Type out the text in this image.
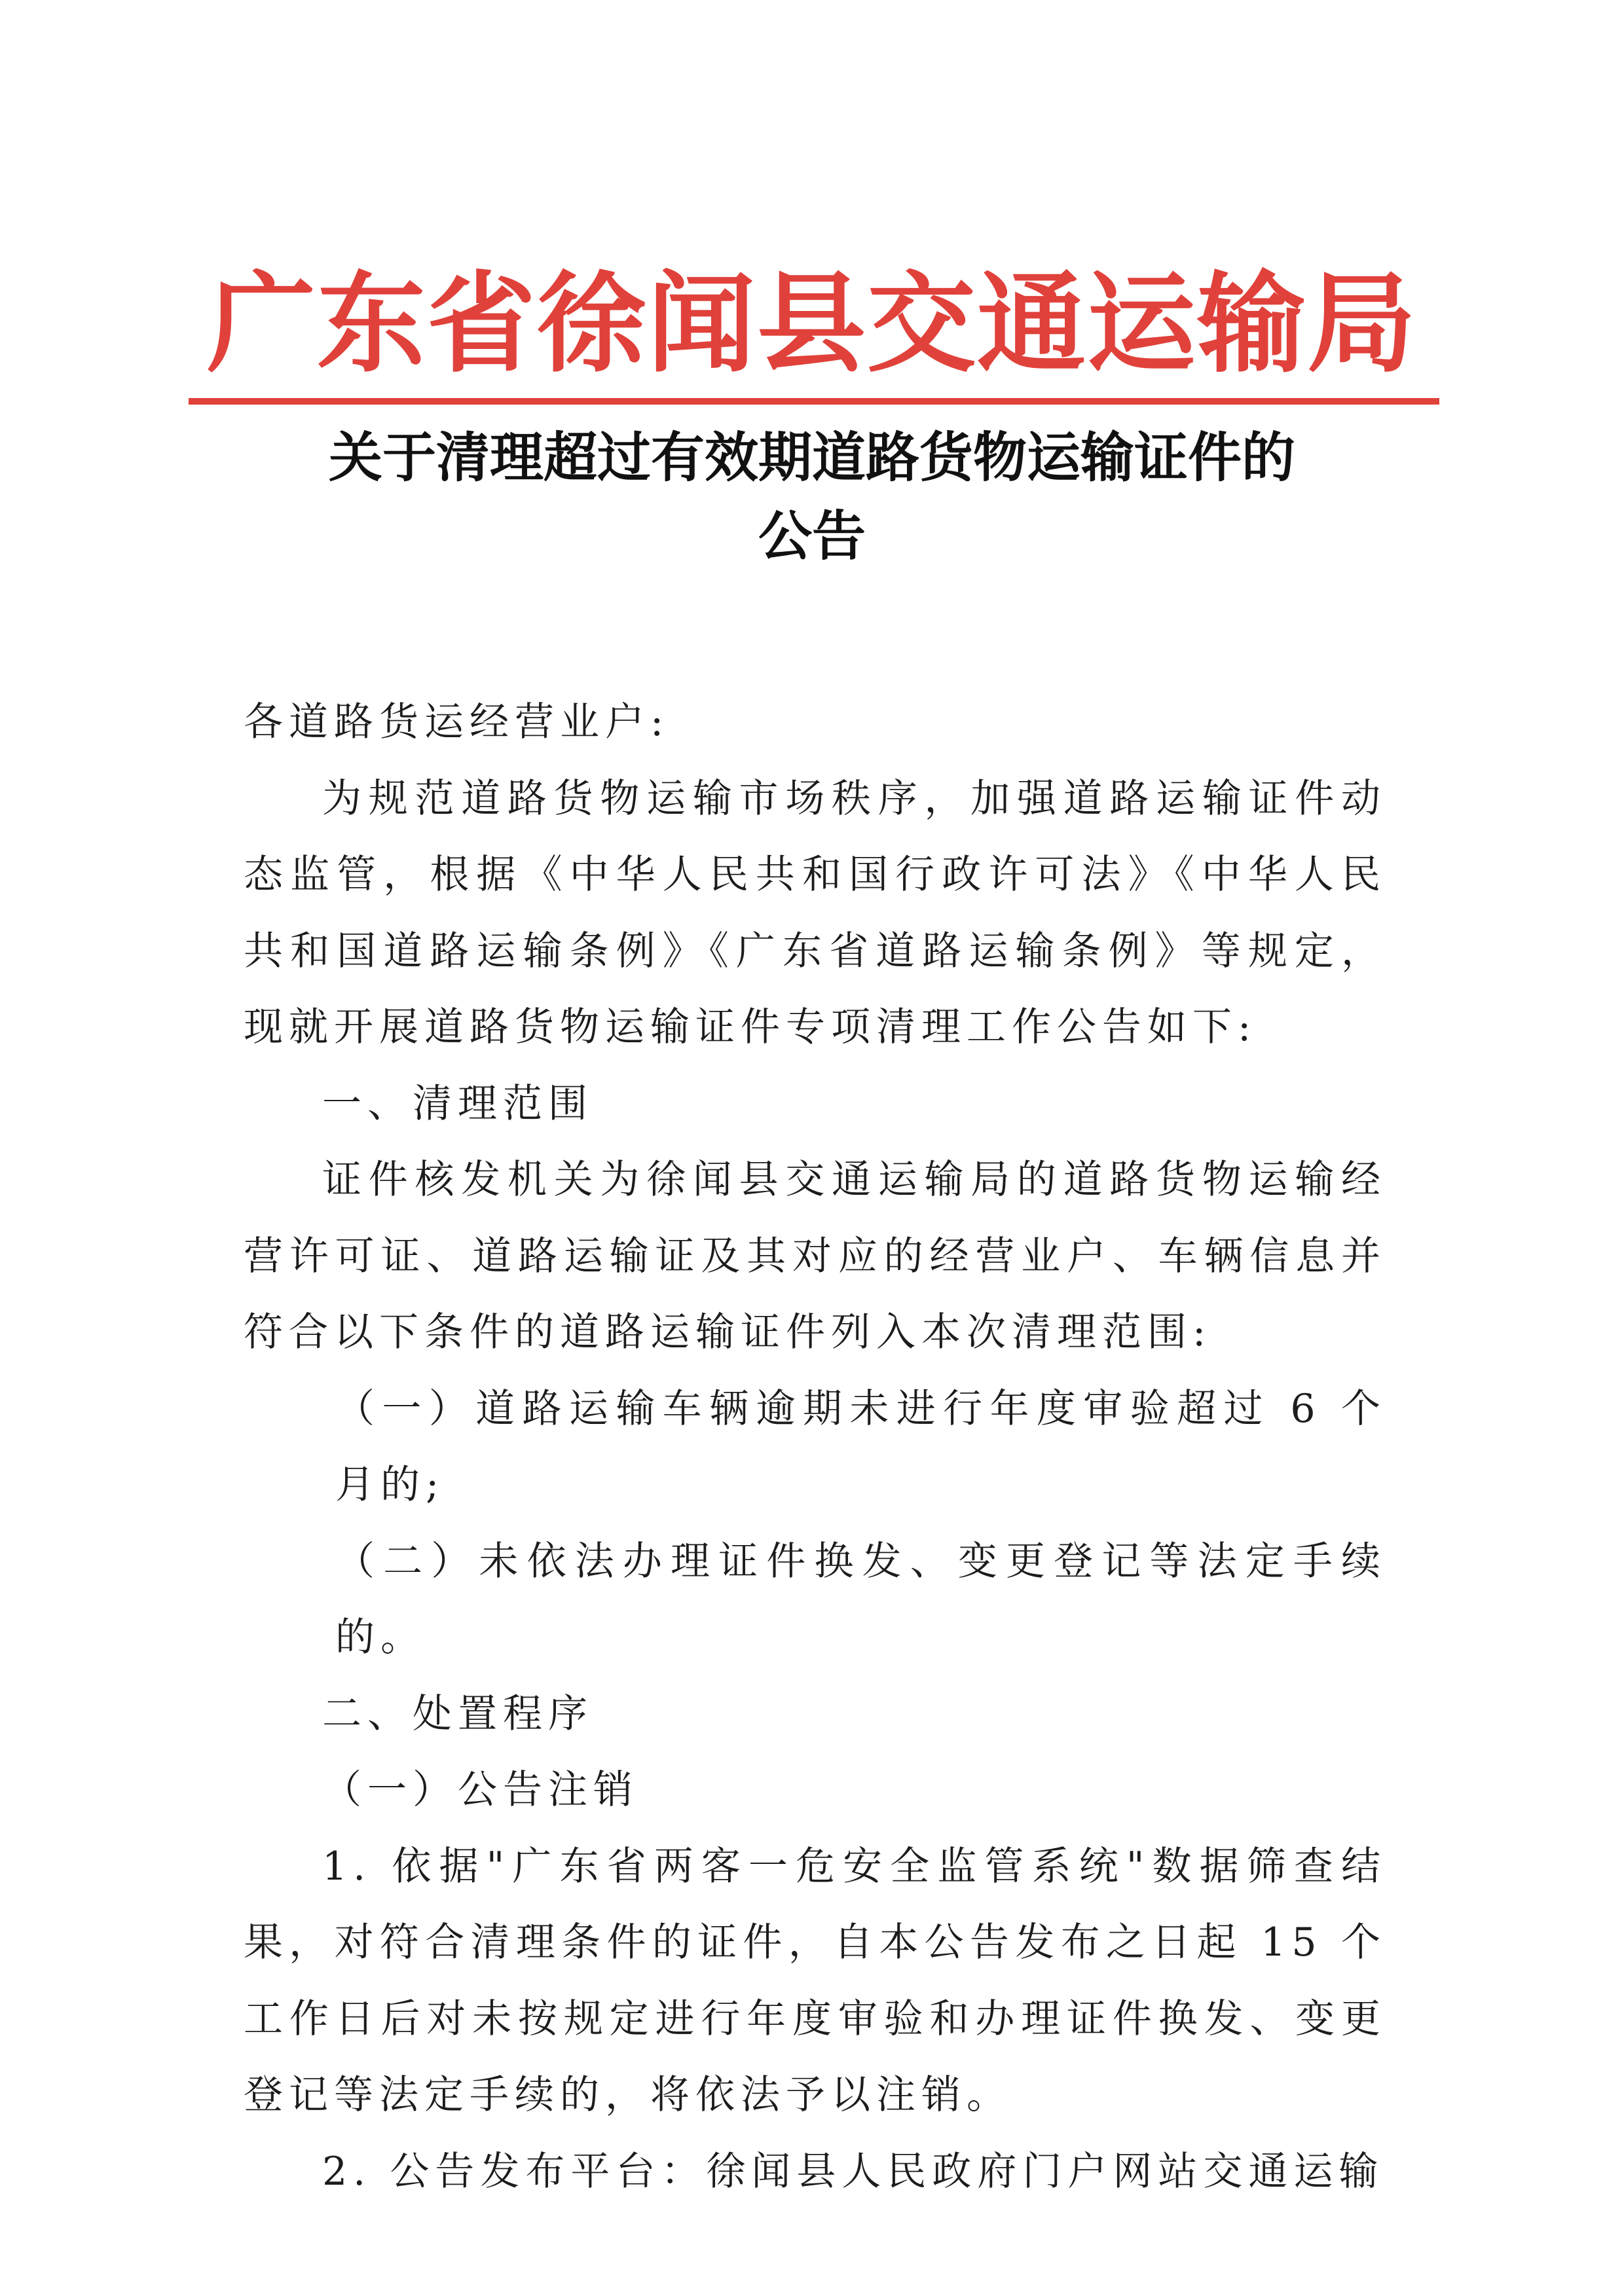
广东省徐闻县交通运输局
关于清理超过有效期道路货物运输证件的
公告

各道路货运经营业户:

为规范道路货物运输市场秩序，加强道路运输证件动态监管，根据《中华人民共和国行政许可法》《中华人民共和国道路运输条例》《广东省道路运输条例》等规定，现就开展道路货物运输证件专项清理工作公告如下:

一、清理范围

证件核发机关为徐闻县交通运输局的道路货物运输经营许可证、道路运输证及其对应的经营业户、车辆信息并符合以下条件的道路运输证件列入本次清理范围:

（一）道路运输车辆逾期未进行年度审验超过 6 个月的;

（二）未依法办理证件换发、变更登记等法定手续的。

二、处置程序

（一）公告注销

1. 依据"广东省两客一危安全监管系统"数据筛查结果，对符合清理条件的证件，自本公告发布之日起 15 个工作日后对未按规定进行年度审验和办理证件换发、变更登记等法定手续的，将依法予以注销。

2. 公告发布平台：徐闻县人民政府门户网站交通运输
